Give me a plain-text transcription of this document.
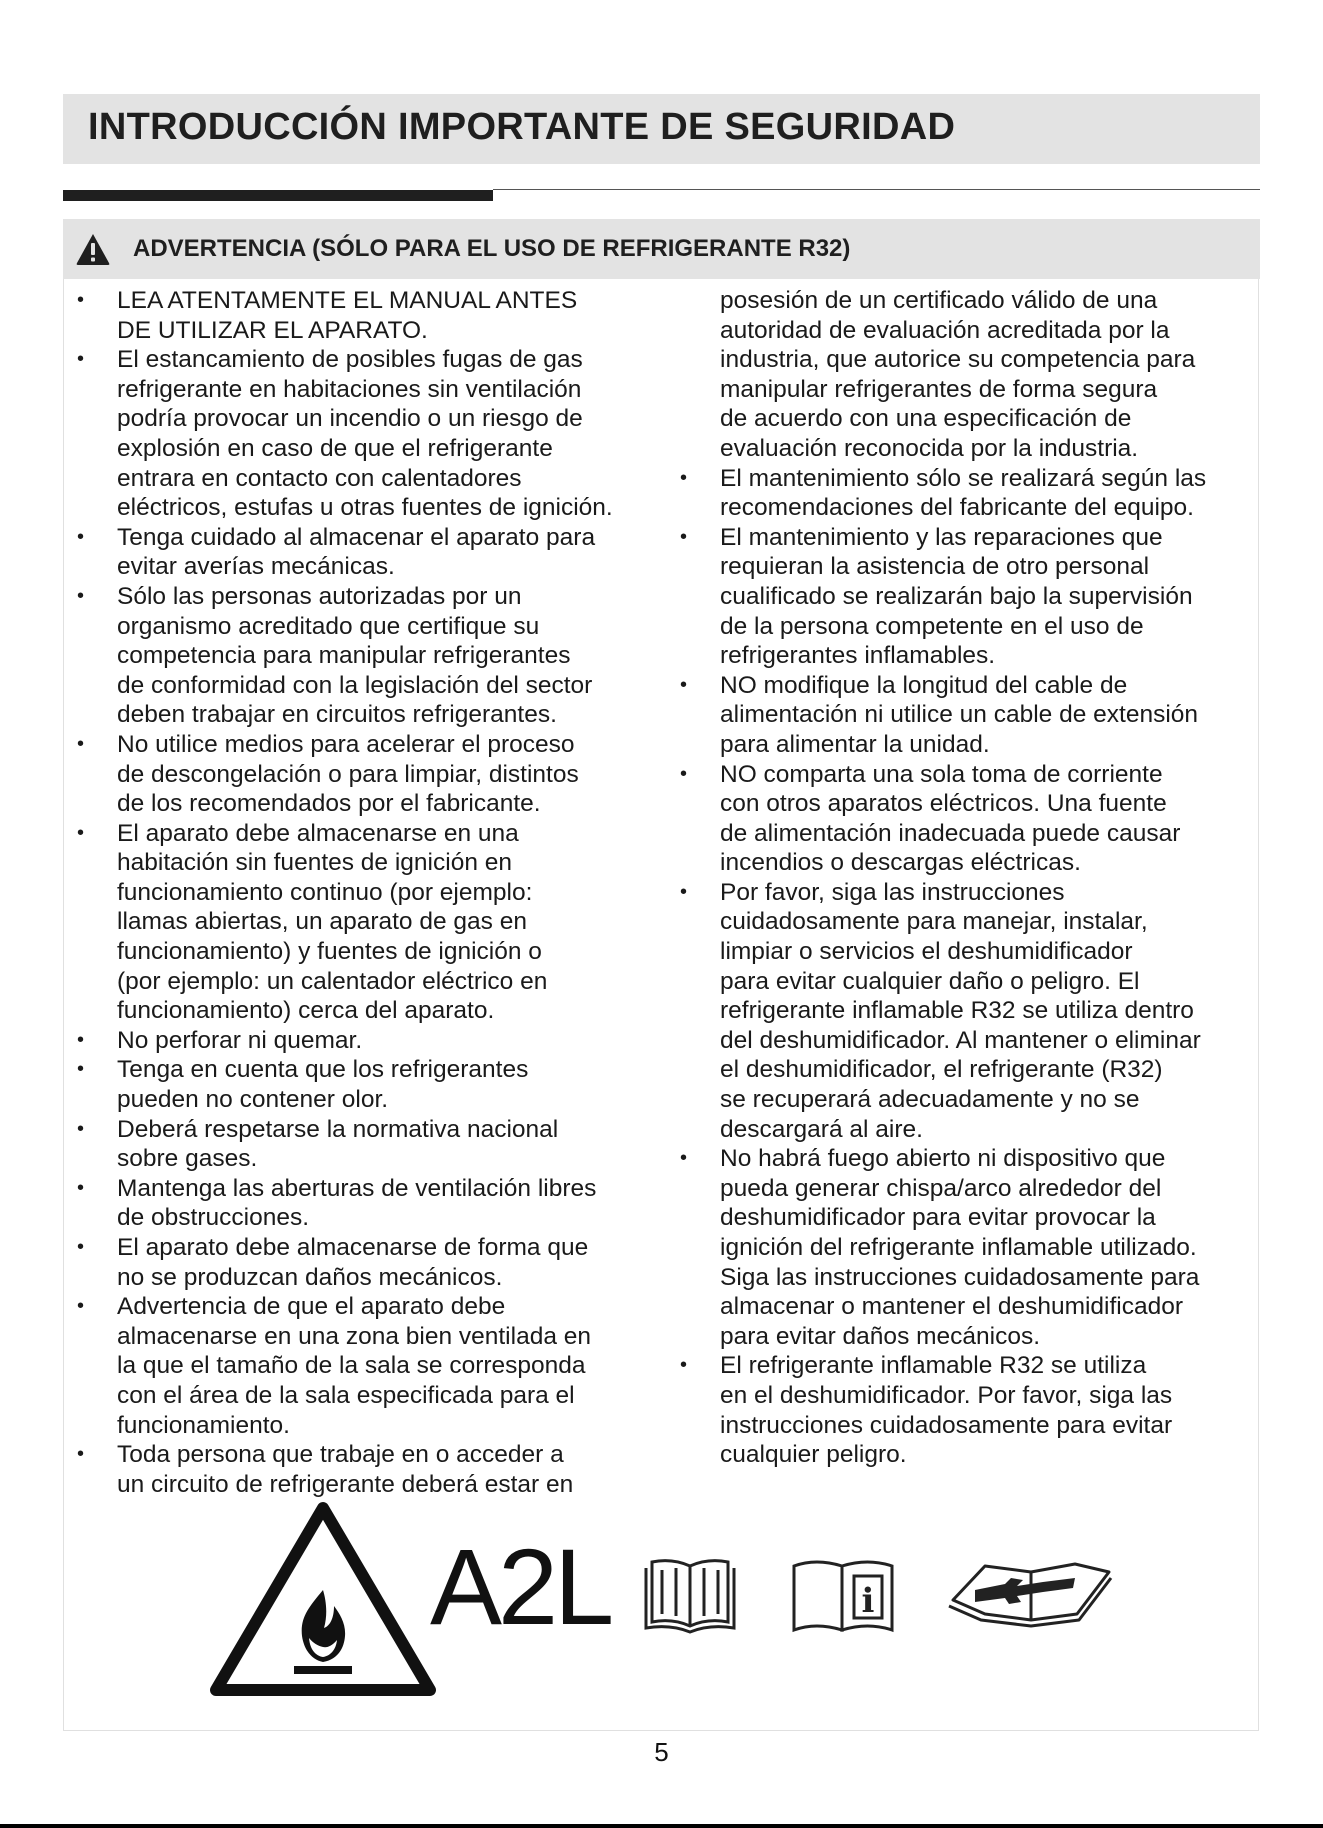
INTRODUCCIÓN IMPORTANTE DE SEGURIDAD
ADVERTENCIA (SÓLO PARA EL USO DE REFRIGERANTE R32)
• LEA ATENTAMENTE EL MANUAL ANTES
DE UTILIZAR EL APARATO.
• El estancamiento de posibles fugas de gas
refrigerante en habitaciones sin ventilación
podría provocar un incendio o un riesgo de
explosión en caso de que el refrigerante
entrara en contacto con calentadores
eléctricos, estufas u otras fuentes de ignición.
• Tenga cuidado al almacenar el aparato para
evitar averías mecánicas.
• Sólo las personas autorizadas por un
organismo acreditado que certifique su
competencia para manipular refrigerantes
de conformidad con la legislación del sector
deben trabajar en circuitos refrigerantes.
• No utilice medios para acelerar el proceso
de descongelación o para limpiar, distintos
de los recomendados por el fabricante.
• El aparato debe almacenarse en una
habitación sin fuentes de ignición en
funcionamiento continuo (por ejemplo:
llamas abiertas, un aparato de gas en
funcionamiento) y fuentes de ignición o
(por ejemplo: un calentador eléctrico en
funcionamiento) cerca del aparato.
• No perforar ni quemar.
• Tenga en cuenta que los refrigerantes
pueden no contener olor.
• Deberá respetarse la normativa nacional
sobre gases.
• Mantenga las aberturas de ventilación libres
de obstrucciones.
• El aparato debe almacenarse de forma que
no se produzcan daños mecánicos.
• Advertencia de que el aparato debe
almacenarse en una zona bien ventilada en
la que el tamaño de la sala se corresponda
con el área de la sala especificada para el
funcionamiento.
• Toda persona que trabaje en o acceder a
un circuito de refrigerante deberá estar en
posesión de un certificado válido de una
autoridad de evaluación acreditada por la
industria, que autorice su competencia para
manipular refrigerantes de forma segura
de acuerdo con una especificación de
evaluación reconocida por la industria.
• El mantenimiento sólo se realizará según las
recomendaciones del fabricante del equipo.
• El mantenimiento y las reparaciones que
requieran la asistencia de otro personal
cualificado se realizarán bajo la supervisión
de la persona competente en el uso de
refrigerantes inflamables.
• NO modifique la longitud del cable de
alimentación ni utilice un cable de extensión
para alimentar la unidad.
• NO comparta una sola toma de corriente
con otros aparatos eléctricos. Una fuente
de alimentación inadecuada puede causar
incendios o descargas eléctricas.
• Por favor, siga las instrucciones
cuidadosamente para manejar, instalar,
limpiar o servicios el deshumidificador
para evitar cualquier daño o peligro. El
refrigerante inflamable R32 se utiliza dentro
del deshumidificador. Al mantener o eliminar
el deshumidificador, el refrigerante (R32)
se recuperará adecuadamente y no se
descargará al aire.
• No habrá fuego abierto ni dispositivo que
pueda generar chispa/arco alrededor del
deshumidificador para evitar provocar la
ignición del refrigerante inflamable utilizado.
Siga las instrucciones cuidadosamente para
almacenar o mantener el deshumidificador
para evitar daños mecánicos.
• El refrigerante inflamable R32 se utiliza
en el deshumidificador. Por favor, siga las
instrucciones cuidadosamente para evitar
cualquier peligro.
A2L	i
5
